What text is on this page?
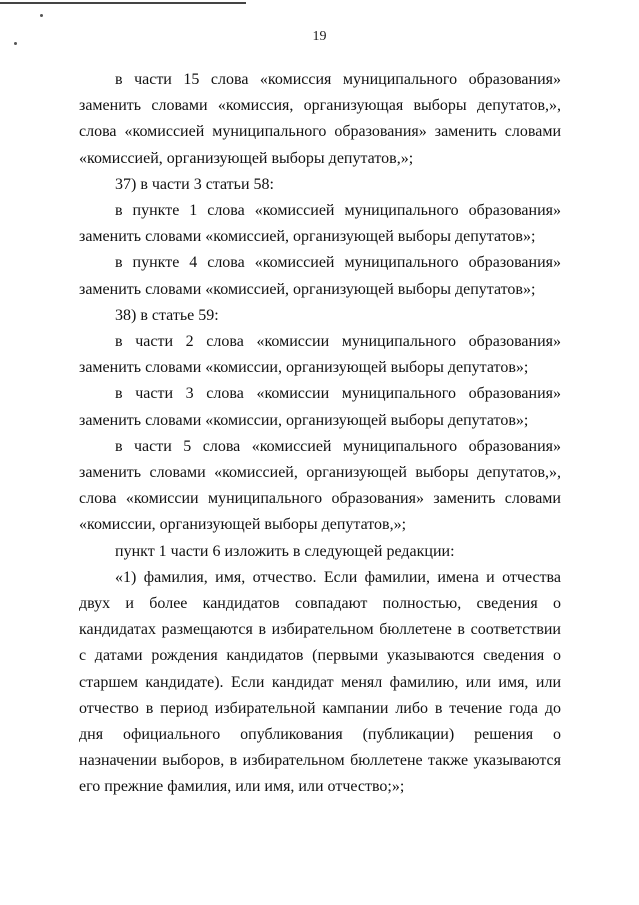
19

в части 15 слова «комиссия муниципального образования» заменить словами «комиссия, организующая выборы депутатов,», слова «комиссией муниципального образования» заменить словами «комиссией, организующей выборы депутатов,»;

37) в части 3 статьи 58:

в пункте 1 слова «комиссией муниципального образования» заменить словами «комиссией, организующей выборы депутатов»;

в пункте 4 слова «комиссией муниципального образования» заменить словами «комиссией, организующей выборы депутатов»;

38) в статье 59:

в части 2 слова «комиссии муниципального образования» заменить словами «комиссии, организующей выборы депутатов»;

в части 3 слова «комиссии муниципального образования» заменить словами «комиссии, организующей выборы депутатов»;

в части 5 слова «комиссией муниципального образования» заменить словами «комиссией, организующей выборы депутатов,», слова «комиссии муниципального образования» заменить словами «комиссии, организующей выборы депутатов,»;

пункт 1 части 6 изложить в следующей редакции:

«1) фамилия, имя, отчество. Если фамилии, имена и отчества двух и более кандидатов совпадают полностью, сведения о кандидатах размещаются в избирательном бюллетене в соответствии с датами рождения кандидатов (первыми указываются сведения о старшем кандидате). Если кандидат менял фамилию, или имя, или отчество в период избирательной кампании либо в течение года до дня официального опубликования (публикации) решения о назначении выборов, в избирательном бюллетене также указываются его прежние фамилия, или имя, или отчество;»;
